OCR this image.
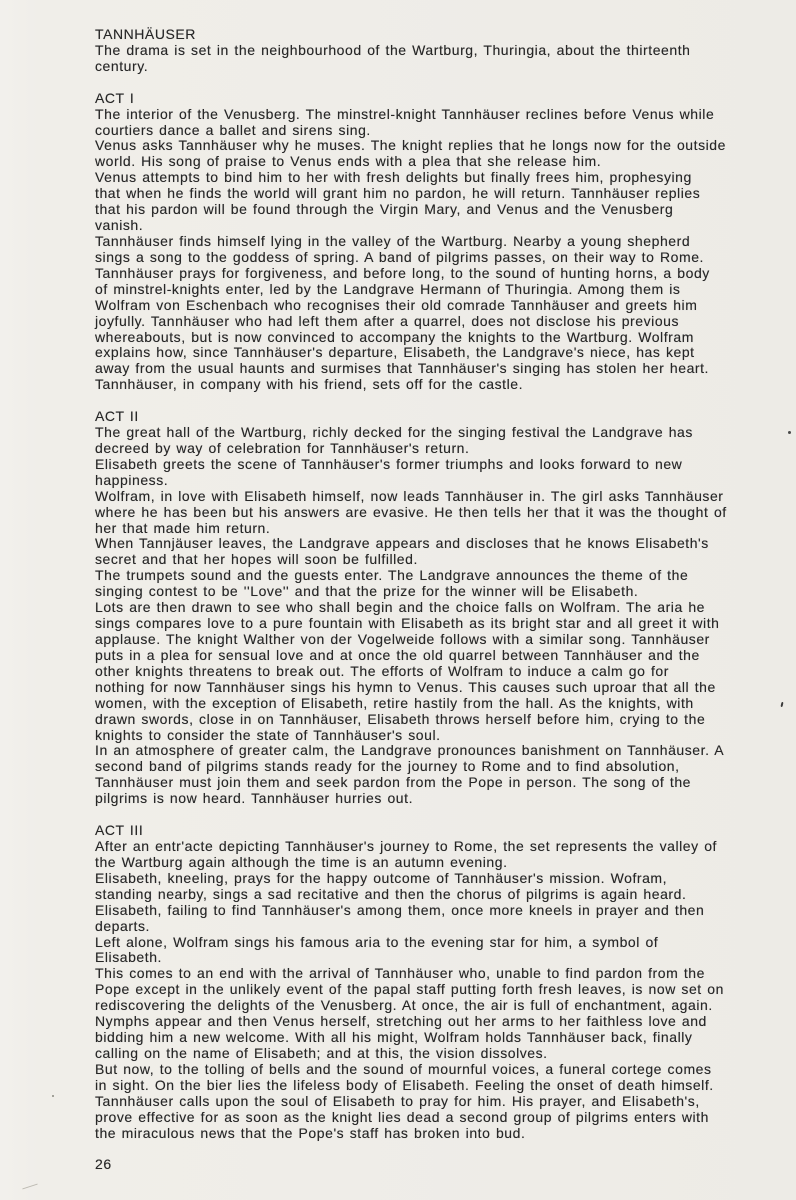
TANNHÄUSER
The drama is set in the neighbourhood of the Wartburg, Thuringia, about the thirteenth
century.
ACT I
The interior of the Venusberg. The minstrel-knight Tannhäuser reclines before Venus while
courtiers dance a ballet and sirens sing.
Venus asks Tannhäuser why he muses. The knight replies that he longs now for the outside
world. His song of praise to Venus ends with a plea that she release him.
Venus attempts to bind him to her with fresh delights but finally frees him, prophesying
that when he finds the world will grant him no pardon, he will return. Tannhäuser replies
that his pardon will be found through the Virgin Mary, and Venus and the Venusberg
vanish.
Tannhäuser finds himself lying in the valley of the Wartburg. Nearby a young shepherd
sings a song to the goddess of spring. A band of pilgrims passes, on their way to Rome.
Tannhäuser prays for forgiveness, and before long, to the sound of hunting horns, a body
of minstrel-knights enter, led by the Landgrave Hermann of Thuringia. Among them is
Wolfram von Eschenbach who recognises their old comrade Tannhäuser and greets him
joyfully. Tannhäuser who had left them after a quarrel, does not disclose his previous
whereabouts, but is now convinced to accompany the knights to the Wartburg. Wolfram
explains how, since Tannhäuser's departure, Elisabeth, the Landgrave's niece, has kept
away from the usual haunts and surmises that Tannhäuser's singing has stolen her heart.
Tannhäuser, in company with his friend, sets off for the castle.
ACT II
The great hall of the Wartburg, richly decked for the singing festival the Landgrave has
decreed by way of celebration for Tannhäuser's return.
Elisabeth greets the scene of Tannhäuser's former triumphs and looks forward to new
happiness.
Wolfram, in love with Elisabeth himself, now leads Tannhäuser in. The girl asks Tannhäuser
where he has been but his answers are evasive. He then tells her that it was the thought of
her that made him return.
When Tannjäuser leaves, the Landgrave appears and discloses that he knows Elisabeth's
secret and that her hopes will soon be fulfilled.
The trumpets sound and the guests enter. The Landgrave announces the theme of the
singing contest to be ''Love'' and that the prize for the winner will be Elisabeth.
Lots are then drawn to see who shall begin and the choice falls on Wolfram. The aria he
sings compares love to a pure fountain with Elisabeth as its bright star and all greet it with
applause. The knight Walther von der Vogelweide follows with a similar song. Tannhäuser
puts in a plea for sensual love and at once the old quarrel between Tannhäuser and the
other knights threatens to break out. The efforts of Wolfram to induce a calm go for
nothing for now Tannhäuser sings his hymn to Venus. This causes such uproar that all the
women, with the exception of Elisabeth, retire hastily from the hall. As the knights, with
drawn swords, close in on Tannhäuser, Elisabeth throws herself before him, crying to the
knights to consider the state of Tannhäuser's soul.
In an atmosphere of greater calm, the Landgrave pronounces banishment on Tannhäuser. A
second band of pilgrims stands ready for the journey to Rome and to find absolution,
Tannhäuser must join them and seek pardon from the Pope in person. The song of the
pilgrims is now heard. Tannhäuser hurries out.
ACT III
After an entr'acte depicting Tannhäuser's journey to Rome, the set represents the valley of
the Wartburg again although the time is an autumn evening.
Elisabeth, kneeling, prays for the happy outcome of Tannhäuser's mission. Wofram,
standing nearby, sings a sad recitative and then the chorus of pilgrims is again heard.
Elisabeth, failing to find Tannhäuser's among them, once more kneels in prayer and then
departs.
Left alone, Wolfram sings his famous aria to the evening star for him, a symbol of
Elisabeth.
This comes to an end with the arrival of Tannhäuser who, unable to find pardon from the
Pope except in the unlikely event of the papal staff putting forth fresh leaves, is now set on
rediscovering the delights of the Venusberg. At once, the air is full of enchantment, again.
Nymphs appear and then Venus herself, stretching out her arms to her faithless love and
bidding him a new welcome. With all his might, Wolfram holds Tannhäuser back, finally
calling on the name of Elisabeth; and at this, the vision dissolves.
But now, to the tolling of bells and the sound of mournful voices, a funeral cortege comes
in sight. On the bier lies the lifeless body of Elisabeth. Feeling the onset of death himself.
Tannhäuser calls upon the soul of Elisabeth to pray for him. His prayer, and Elisabeth's,
prove effective for as soon as the knight lies dead a second group of pilgrims enters with
the miraculous news that the Pope's staff has broken into bud.
26
